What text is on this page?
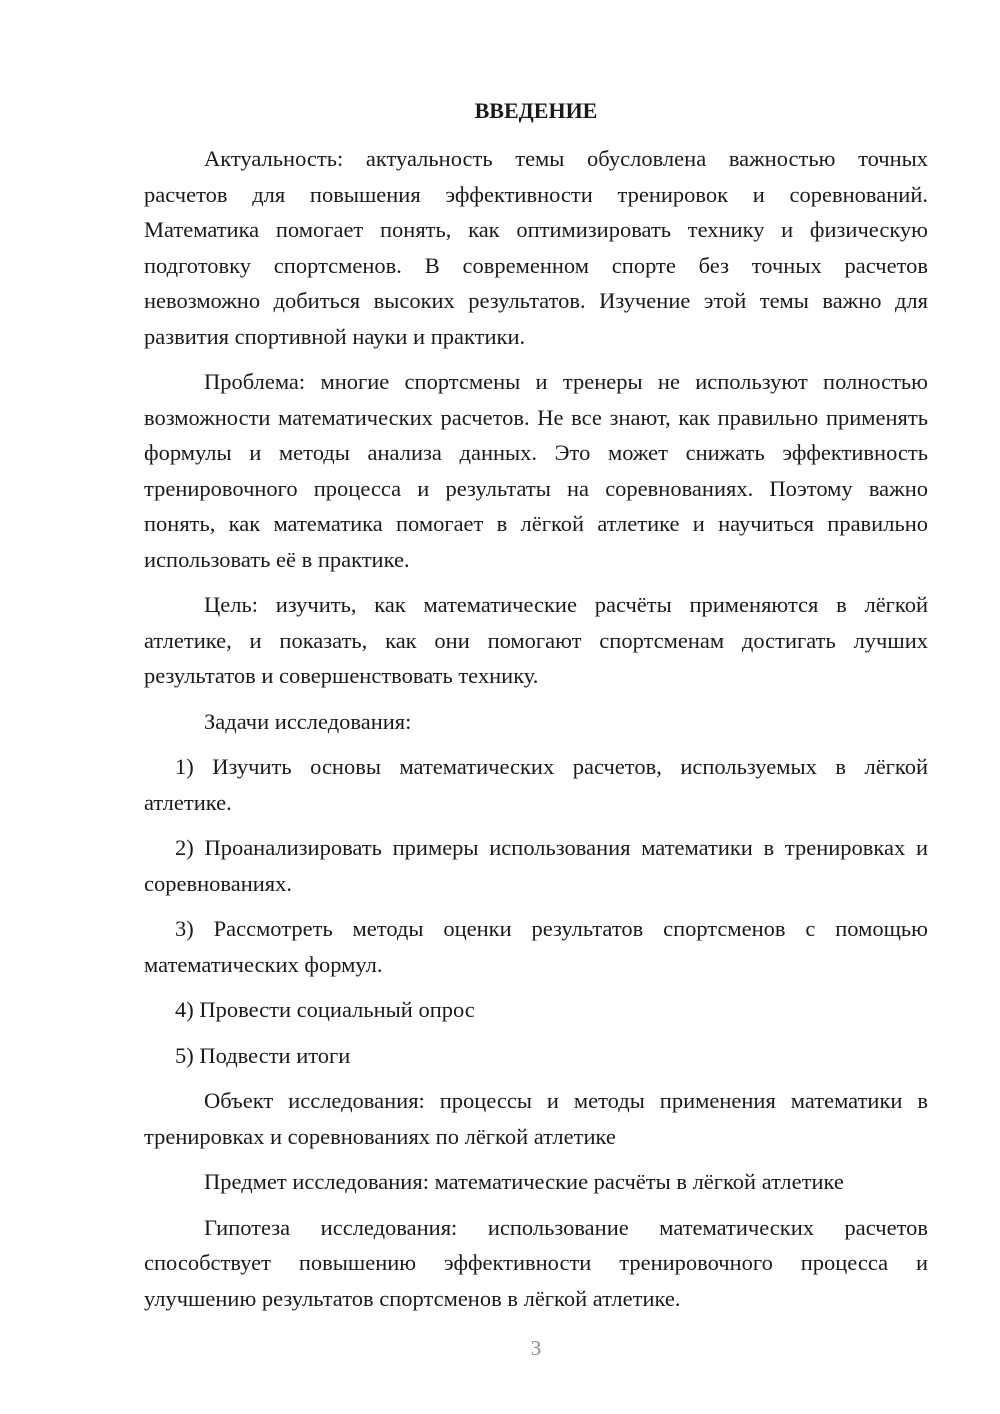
ВВЕДЕНИЕ

Актуальность: актуальность темы обусловлена важностью точных расчетов для повышения эффективности тренировок и соревнований. Математика помогает понять, как оптимизировать технику и физическую подготовку спортсменов. В современном спорте без точных расчетов невозможно добиться высоких результатов. Изучение этой темы важно для развития спортивной науки и практики.

Проблема: многие спортсмены и тренеры не используют полностью возможности математических расчетов. Не все знают, как правильно применять формулы и методы анализа данных. Это может снижать эффективность тренировочного процесса и результаты на соревнованиях. Поэтому важно понять, как математика помогает в лёгкой атлетике и научиться правильно использовать её в практике.

Цель: изучить, как математические расчёты применяются в лёгкой атлетике, и показать, как они помогают спортсменам достигать лучших результатов и совершенствовать технику.

Задачи исследования:

1) Изучить основы математических расчетов, используемых в лёгкой атлетике.

2) Проанализировать примеры использования математики в тренировках и соревнованиях.

3) Рассмотреть методы оценки результатов спортсменов с помощью математических формул.

4) Провести социальный опрос

5) Подвести итоги

Объект исследования: процессы и методы применения математики в тренировках и соревнованиях по лёгкой атлетике

Предмет исследования: математические расчёты в лёгкой атлетике

Гипотеза исследования: использование математических расчетов способствует повышению эффективности тренировочного процесса и улучшению результатов спортсменов в лёгкой атлетике.

3
